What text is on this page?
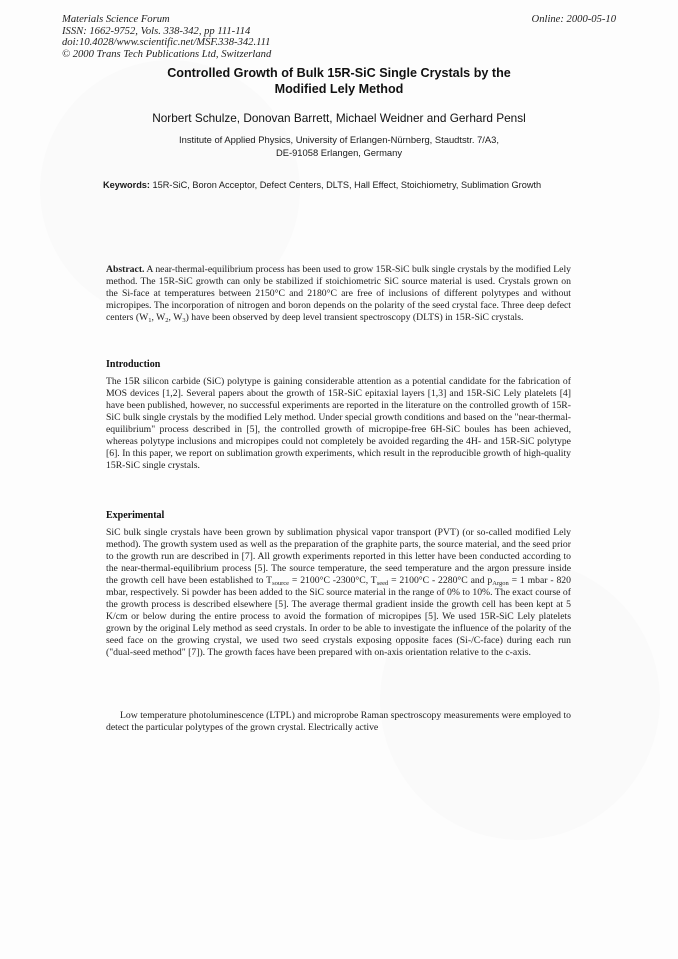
Materials Science Forum
ISSN: 1662-9752, Vols. 338-342, pp 111-114
doi:10.4028/www.scientific.net/MSF.338-342.111
© 2000 Trans Tech Publications Ltd, Switzerland
Online: 2000-05-10
Controlled Growth of Bulk 15R-SiC Single Crystals by the
Modified Lely Method
Norbert Schulze, Donovan Barrett, Michael Weidner and Gerhard Pensl
Institute of Applied Physics, University of Erlangen-Nürnberg, Staudtstr. 7/A3,
DE-91058 Erlangen, Germany
Keywords: 15R-SiC, Boron Acceptor, Defect Centers, DLTS, Hall Effect, Stoichiometry, Sublimation Growth
Abstract. A near-thermal-equilibrium process has been used to grow 15R-SiC bulk single crystals by the modified Lely method. The 15R-SiC growth can only be stabilized if stoichiometric SiC source material is used. Crystals grown on the Si-face at temperatures between 2150°C and 2180°C are free of inclusions of different polytypes and without micropipes. The incorporation of nitrogen and boron depends on the polarity of the seed crystal face. Three deep defect centers ($W_1$, $W_2$, $W_3$) have been observed by deep level transient spectroscopy (DLTS) in 15R-SiC crystals.
Introduction
The 15R silicon carbide (SiC) polytype is gaining considerable attention as a potential candidate for the fabrication of MOS devices [1,2]. Several papers about the growth of 15R-SiC epitaxial layers [1,3] and 15R-SiC Lely platelets [4] have been published, however, no successful experiments are reported in the literature on the controlled growth of 15R-SiC bulk single crystals by the modified Lely method. Under special growth conditions and based on the "near-thermal-equilibrium" process described in [5], the controlled growth of micropipe-free 6H-SiC boules has been achieved, whereas polytype inclusions and micropipes could not completely be avoided regarding the 4H- and 15R-SiC polytype [6]. In this paper, we report on sublimation growth experiments, which result in the reproducible growth of high-quality 15R-SiC single crystals.
Experimental
SiC bulk single crystals have been grown by sublimation physical vapor transport (PVT) (or so-called modified Lely method). The growth system used as well as the preparation of the graphite parts, the source material, and the seed prior to the growth run are described in [7]. All growth experiments reported in this letter have been conducted according to the near-thermal-equilibrium process [5]. The source temperature, the seed temperature and the argon pressure inside the growth cell have been established to $T_{source} = 2100^\circ C$ -2300°C, $T_{seed} = 2100^\circ C - 2280^\circ C$ and $p_{Argon} = 1$ mbar - 820 mbar, respectively. Si powder has been added to the SiC source material in the range of 0% to 10%. The exact course of the growth process is described elsewhere [5]. The average thermal gradient inside the growth cell has been kept at 5 K/cm or below during the entire process to avoid the formation of micropipes [5]. We used 15R-SiC Lely platelets grown by the original Lely method as seed crystals. In order to be able to investigate the influence of the polarity of the seed face on the growing crystal, we used two seed crystals exposing opposite faces (Si-/C-face) during each run ("dual-seed method" [7]). The growth faces have been prepared with on-axis orientation relative to the c-axis.
Low temperature photoluminescence (LTPL) and microprobe Raman spectroscopy measurements were employed to detect the particular polytypes of the grown crystal. Electrically active
